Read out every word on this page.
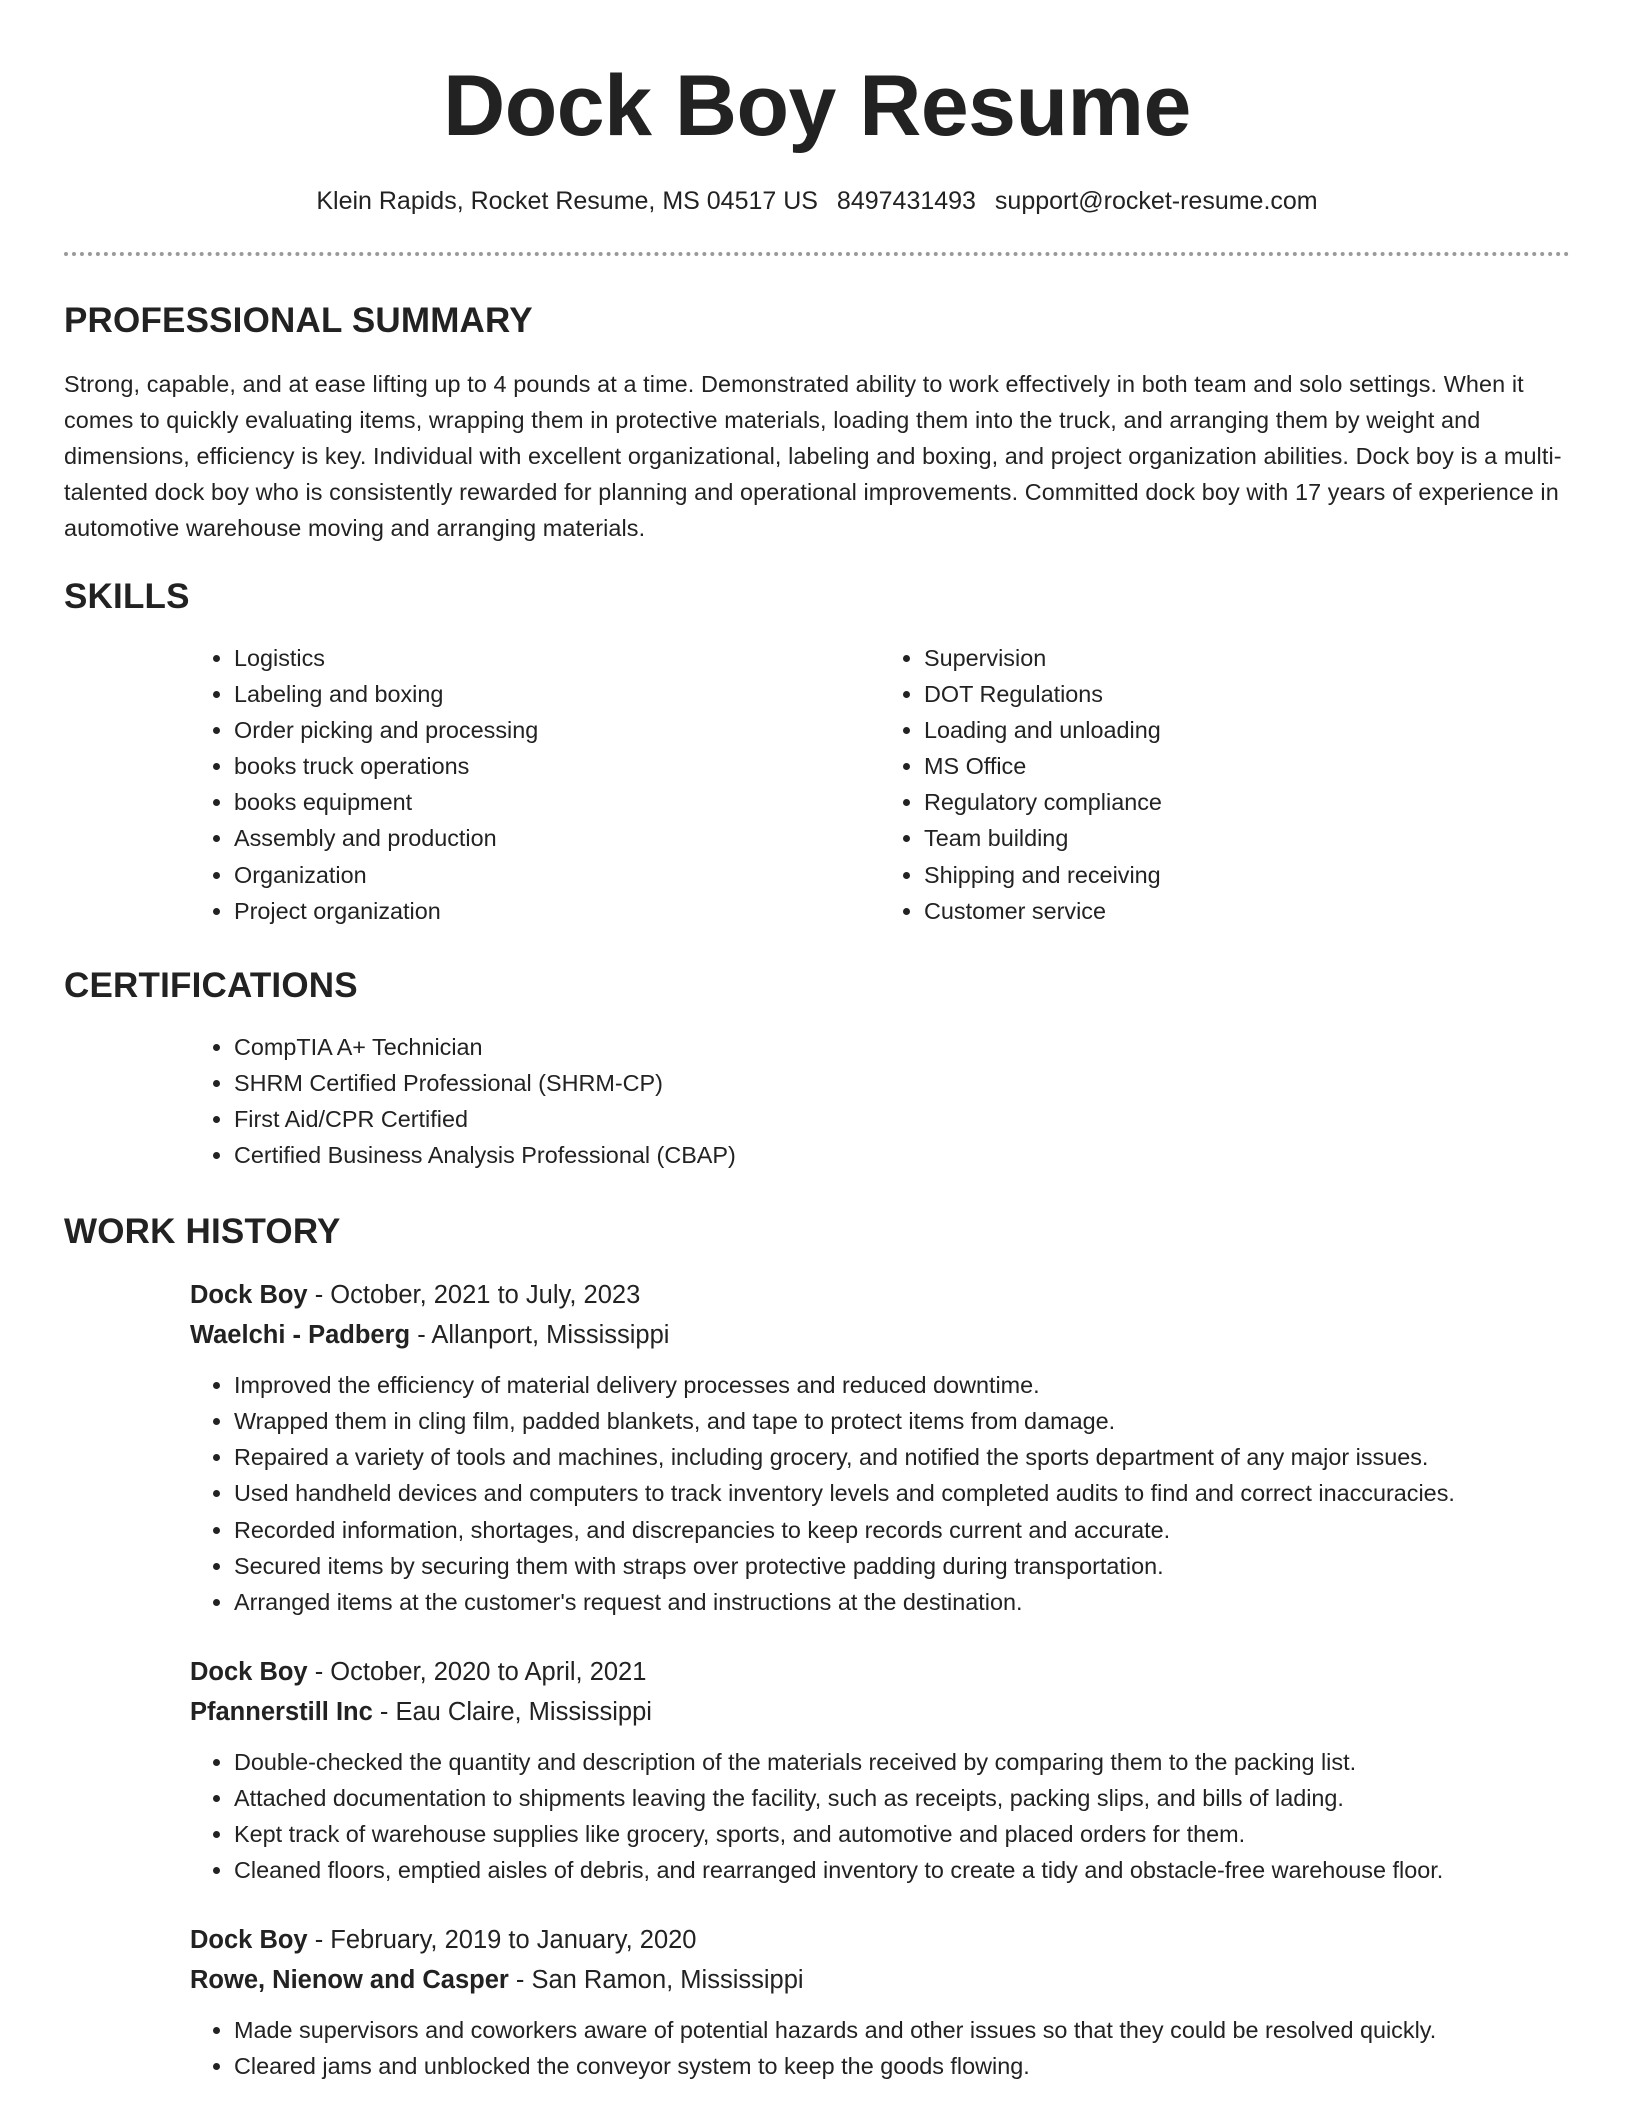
Dock Boy Resume
Klein Rapids, Rocket Resume, MS 04517 US 8497431493 support@rocket-resume.com
PROFESSIONAL SUMMARY

Strong, capable, and at ease lifting up to 4 pounds at a time. Demonstrated ability to work effectively in both team and solo settings. When it comes to quickly evaluating items, wrapping them in protective materials, loading them into the truck, and arranging them by weight and dimensions, efficiency is key. Individual with excellent organizational, labeling and boxing, and project organization abilities. Dock boy is a multi-talented dock boy who is consistently rewarded for planning and operational improvements. Committed dock boy with 17 years of experience in automotive warehouse moving and arranging materials.

SKILLS
• Logistics
• Labeling and boxing
• Order picking and processing
• books truck operations
• books equipment
• Assembly and production
• Organization
• Project organization
• Supervision
• DOT Regulations
• Loading and unloading
• MS Office
• Regulatory compliance
• Team building
• Shipping and receiving
• Customer service
CERTIFICATIONS
• CompTIA A+ Technician
• SHRM Certified Professional (SHRM-CP)
• First Aid/CPR Certified
• Certified Business Analysis Professional (CBAP)
WORK HISTORY
Dock Boy - October, 2021 to July, 2023
Waelchi - Padberg - Allanport, Mississippi
• Improved the efficiency of material delivery processes and reduced downtime.
• Wrapped them in cling film, padded blankets, and tape to protect items from damage.
• Repaired a variety of tools and machines, including grocery, and notified the sports department of any major issues.
• Used handheld devices and computers to track inventory levels and completed audits to find and correct inaccuracies.
• Recorded information, shortages, and discrepancies to keep records current and accurate.
• Secured items by securing them with straps over protective padding during transportation.
• Arranged items at the customer's request and instructions at the destination.
Dock Boy - October, 2020 to April, 2021
Pfannerstill Inc - Eau Claire, Mississippi
• Double-checked the quantity and description of the materials received by comparing them to the packing list.
• Attached documentation to shipments leaving the facility, such as receipts, packing slips, and bills of lading.
• Kept track of warehouse supplies like grocery, sports, and automotive and placed orders for them.
• Cleaned floors, emptied aisles of debris, and rearranged inventory to create a tidy and obstacle-free warehouse floor.
Dock Boy - February, 2019 to January, 2020
Rowe, Nienow and Casper - San Ramon, Mississippi
• Made supervisors and coworkers aware of potential hazards and other issues so that they could be resolved quickly.
• Cleared jams and unblocked the conveyor system to keep the goods flowing.
